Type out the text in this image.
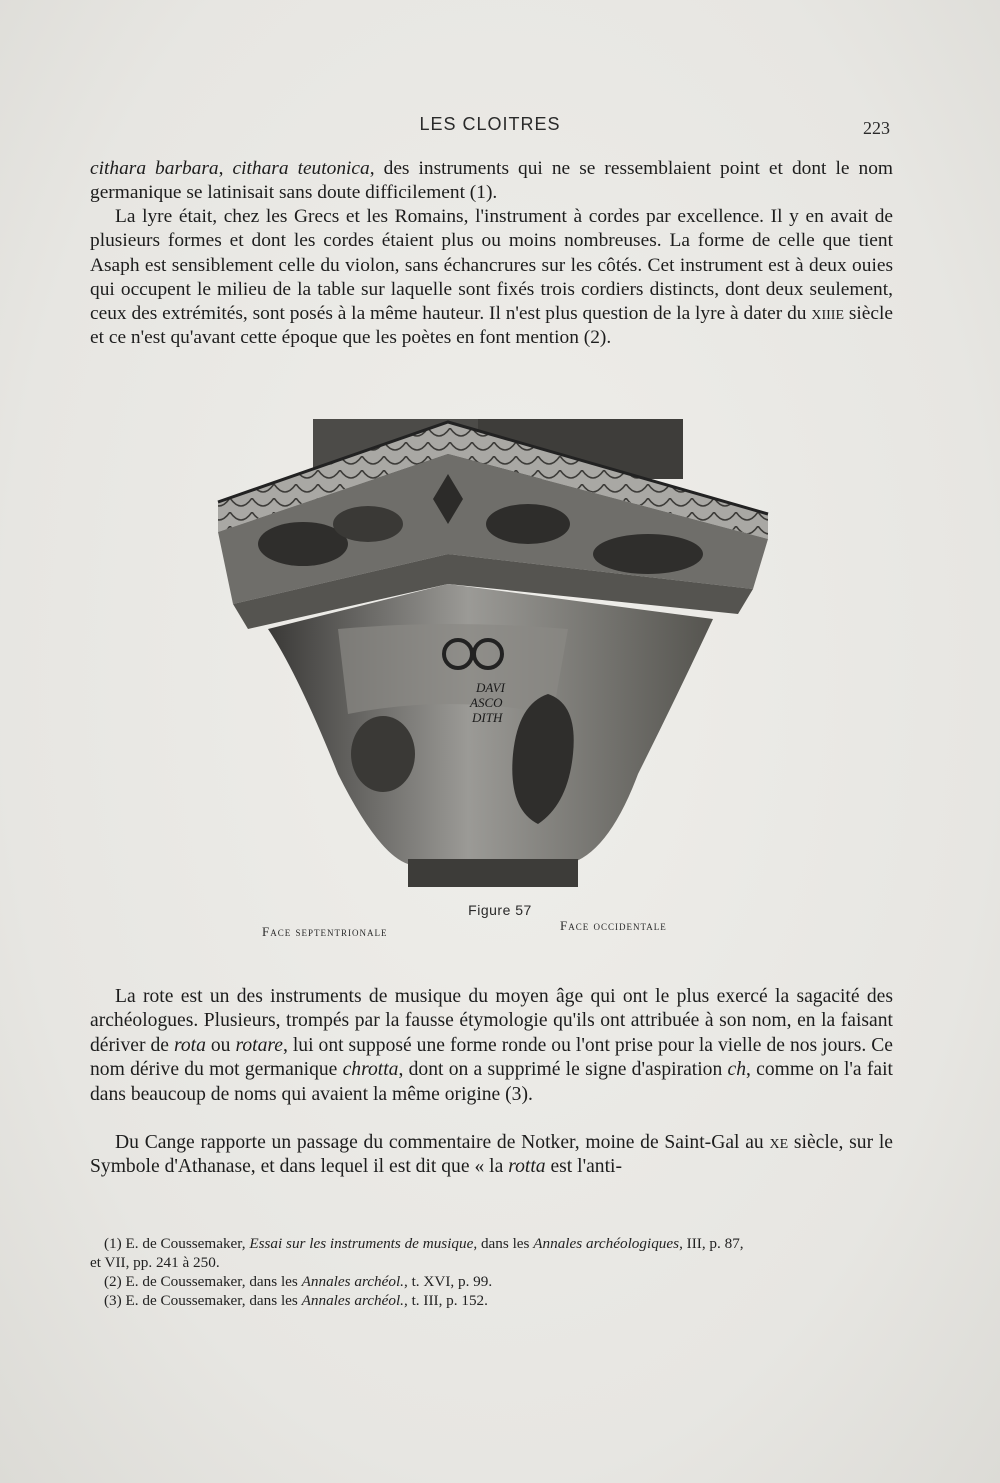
LES CLOITRES	223

cithara barbara, cithara teutonica, des instruments qui ne se ressemblaient point et dont le nom germanique se latinisait sans doute difficilement (1).

La lyre était, chez les Grecs et les Romains, l'instrument à cordes par excellence. Il y en avait de plusieurs formes et dont les cordes étaient plus ou moins nombreuses. La forme de celle que tient Asaph est sensiblement celle du violon, sans échancrures sur les côtés. Cet instrument est à deux ouies qui occupent le milieu de la table sur laquelle sont fixés trois cordiers distincts, dont deux seulement, ceux des extrémités, sont posés à la même hauteur. Il n'est plus question de la lyre à dater du xiiie siècle et ce n'est qu'avant cette époque que les poètes en font mention (2).

DAVI
ASCO
DITH
Figure 57
Face septentrionale	Face occidentale

La rote est un des instruments de musique du moyen âge qui ont le plus exercé la sagacité des archéologues. Plusieurs, trompés par la fausse étymologie qu'ils ont attribuée à son nom, en la faisant dériver de rota ou rotare, lui ont supposé une forme ronde ou l'ont prise pour la vielle de nos jours. Ce nom dérive du mot germanique chrotta, dont on a supprimé le signe d'aspiration ch, comme on l'a fait dans beaucoup de noms qui avaient la même origine (3).

Du Cange rapporte un passage du commentaire de Notker, moine de Saint-Gal au xe siècle, sur le Symbole d'Athanase, et dans lequel il est dit que « la rotta est l'anti-

(1) E. de Coussemaker, Essai sur les instruments de musique, dans les Annales archéologiques, III, p. 87,
et VII, pp. 241 à 250.
(2) E. de Coussemaker, dans les Annales archéol., t. XVI, p. 99.
(3) E. de Coussemaker, dans les Annales archéol., t. III, p. 152.
